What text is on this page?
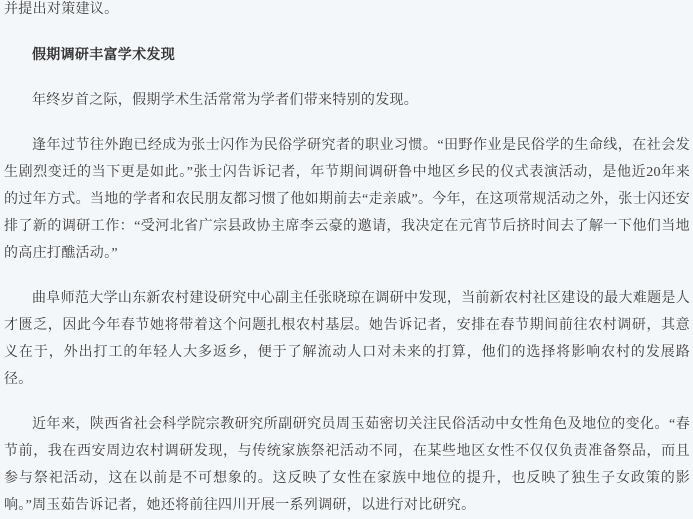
并提出对策建议。

假期调研丰富学术发现

年终岁首之际，假期学术生活常常为学者们带来特别的发现。

逢年过节往外跑已经成为张士闪作为民俗学研究者的职业习惯。“田野作业是民俗学的生命线，在社会发生剧烈变迁的当下更是如此。”张士闪告诉记者，年节期间调研鲁中地区乡民的仪式表演活动，是他近20年来的过年方式。当地的学者和农民朋友都习惯了他如期前去“走亲戚”。今年，在这项常规活动之外，张士闪还安排了新的调研工作：“受河北省广宗县政协主席李云豪的邀请，我决定在元宵节后挤时间去了解一下他们当地的高庄打醮活动。”

曲阜师范大学山东新农村建设研究中心副主任张晓琼在调研中发现，当前新农村社区建设的最大难题是人才匮乏，因此今年春节她将带着这个问题扎根农村基层。她告诉记者，安排在春节期间前往农村调研，其意义在于，外出打工的年轻人大多返乡，便于了解流动人口对未来的打算，他们的选择将影响农村的发展路径。

近年来，陕西省社会科学院宗教研究所副研究员周玉茹密切关注民俗活动中女性角色及地位的变化。“春节前，我在西安周边农村调研发现，与传统家族祭祀活动不同，在某些地区女性不仅仅负责准备祭品，而且参与祭祀活动，这在以前是不可想象的。这反映了女性在家族中地位的提升，也反映了独生子女政策的影响。”周玉茹告诉记者，她还将前往四川开展一系列调研，以进行对比研究。
